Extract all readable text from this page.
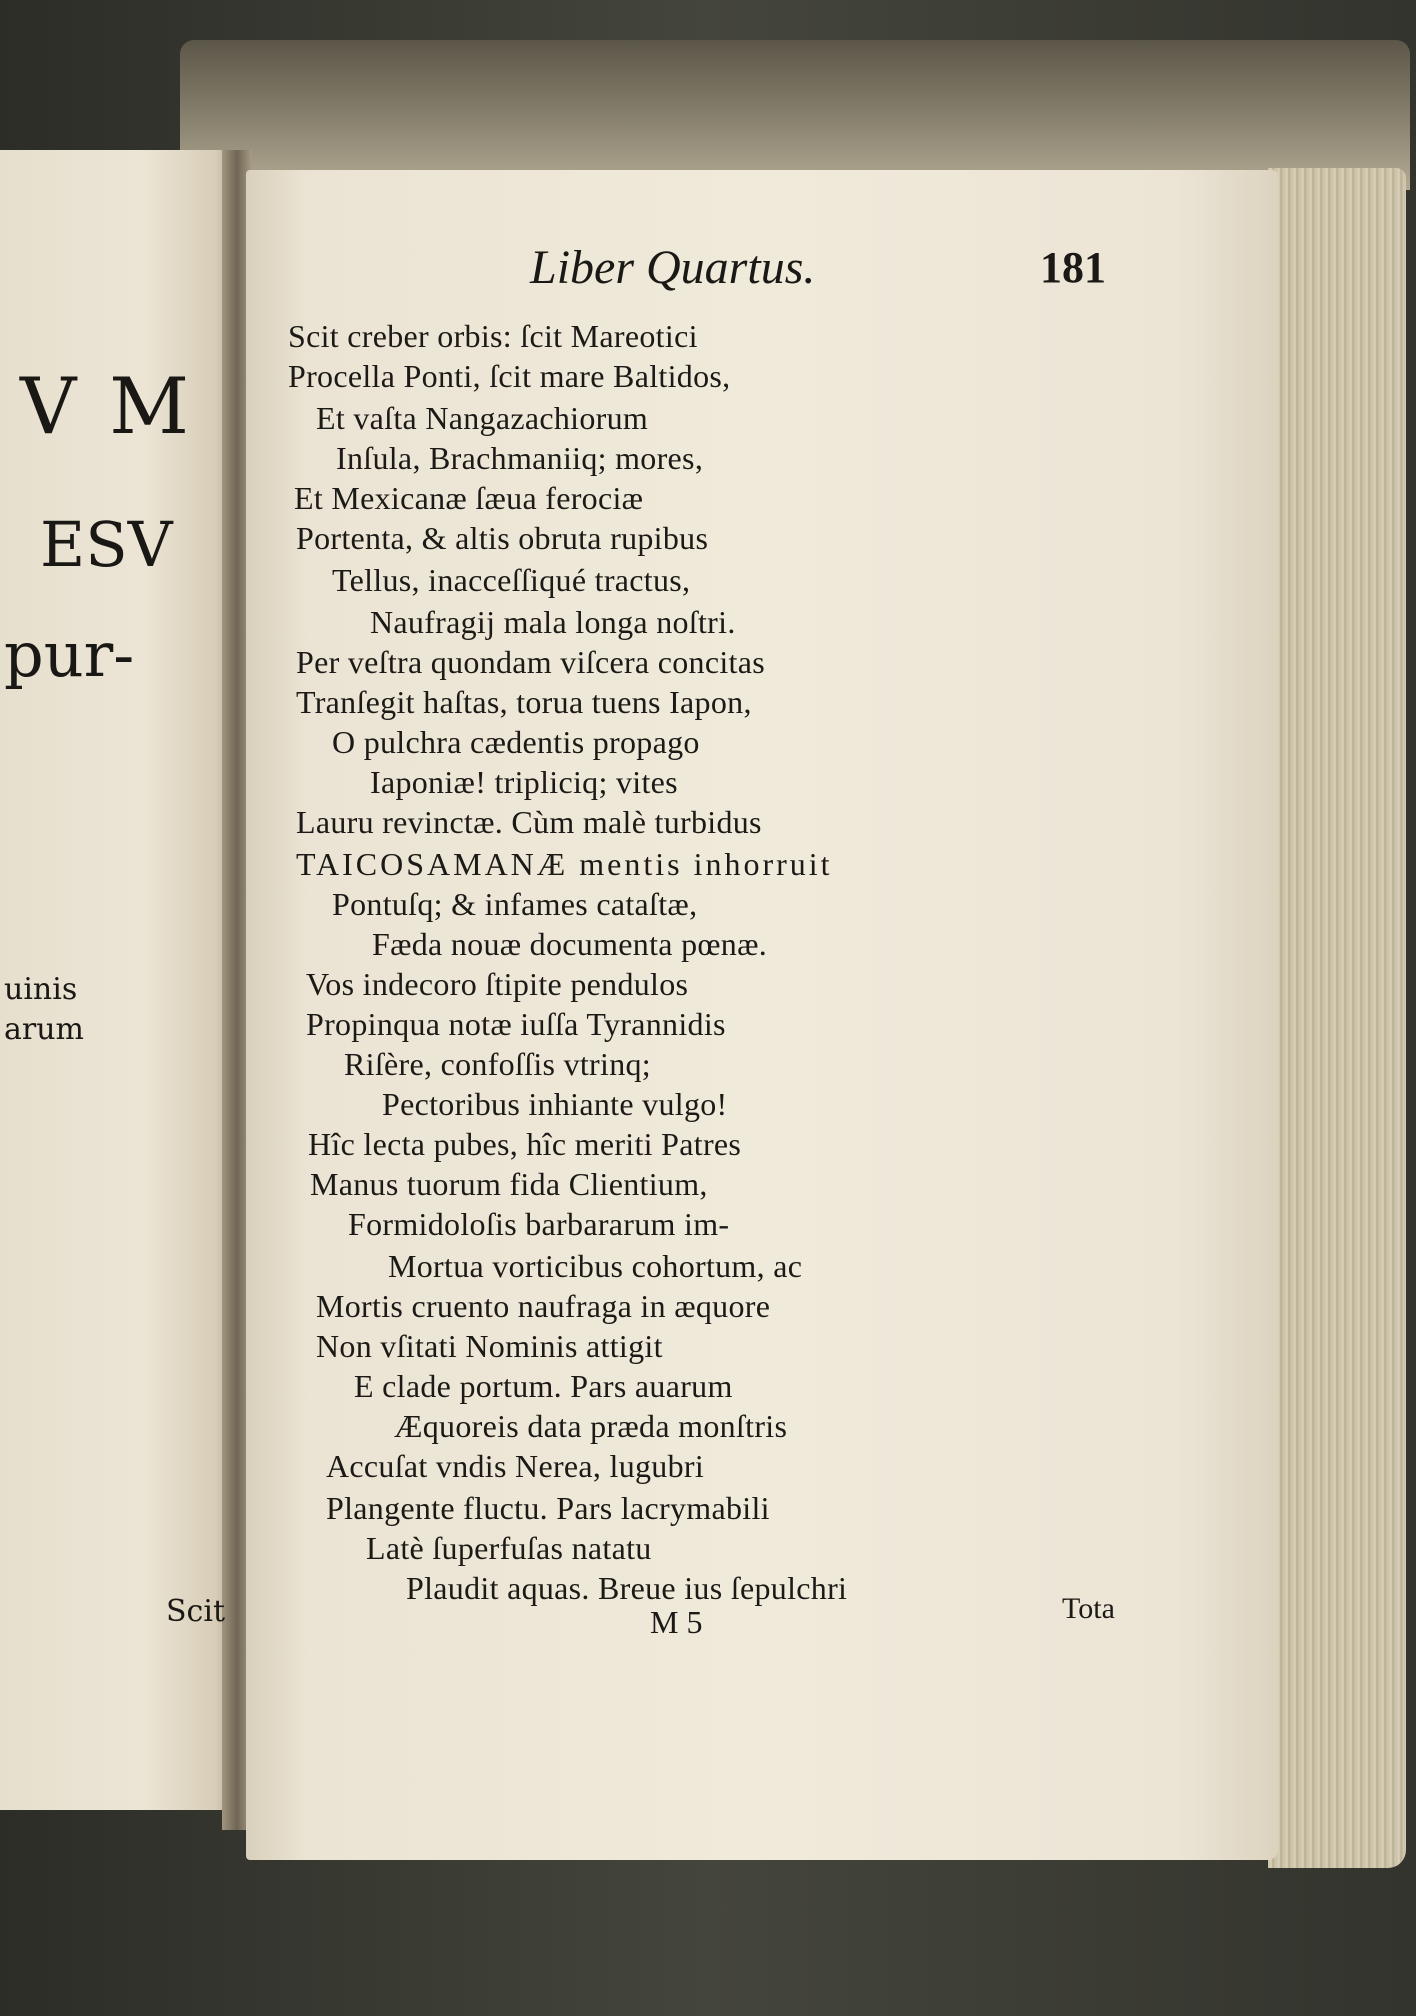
V M
ESV
pur-
uinis
arum
Scit
Liber Quartus.	181
Scit creber orbis: ſcit Mareotici
Procella Ponti, ſcit mare Baltidos,
Et vaſta Nangazachiorum
Inſula, Brachmaniiq; mores,
Et Mexicanæ ſæua ferociæ
Portenta, & altis obruta rupibus
Tellus, inacceſſiqué tractus,
Naufragij mala longa noſtri.
Per veſtra quondam viſcera concitas
Tranſegit haſtas, torua tuens Iapon,
O pulchra cædentis propago
Iaponiæ! tripliciq; vites
Lauru revinctæ. Cùm malè turbidus
TAICOSAMANÆ mentis inhorruit
Pontuſq; & infames cataſtæ,
Fæda nouæ documenta pœnæ.
Vos indecoro ſtipite pendulos
Propinqua notæ iuſſa Tyrannidis
Riſère, confoſſis vtrinq;
Pectoribus inhiante vulgo!
Hîc lecta pubes, hîc meriti Patres
Manus tuorum fida Clientium,
Formidoloſis barbararum im-
Mortua vorticibus cohortum, ac
Mortis cruento naufraga in æquore
Non vſitati Nominis attigit
E clade portum. Pars auarum
Æquoreis data præda monſtris
Accuſat vndis Nerea, lugubri
Plangente fluctu. Pars lacrymabili
Latè ſuperfuſas natatu
Plaudit aquas. Breue ius ſepulchri
M 5	Tota
